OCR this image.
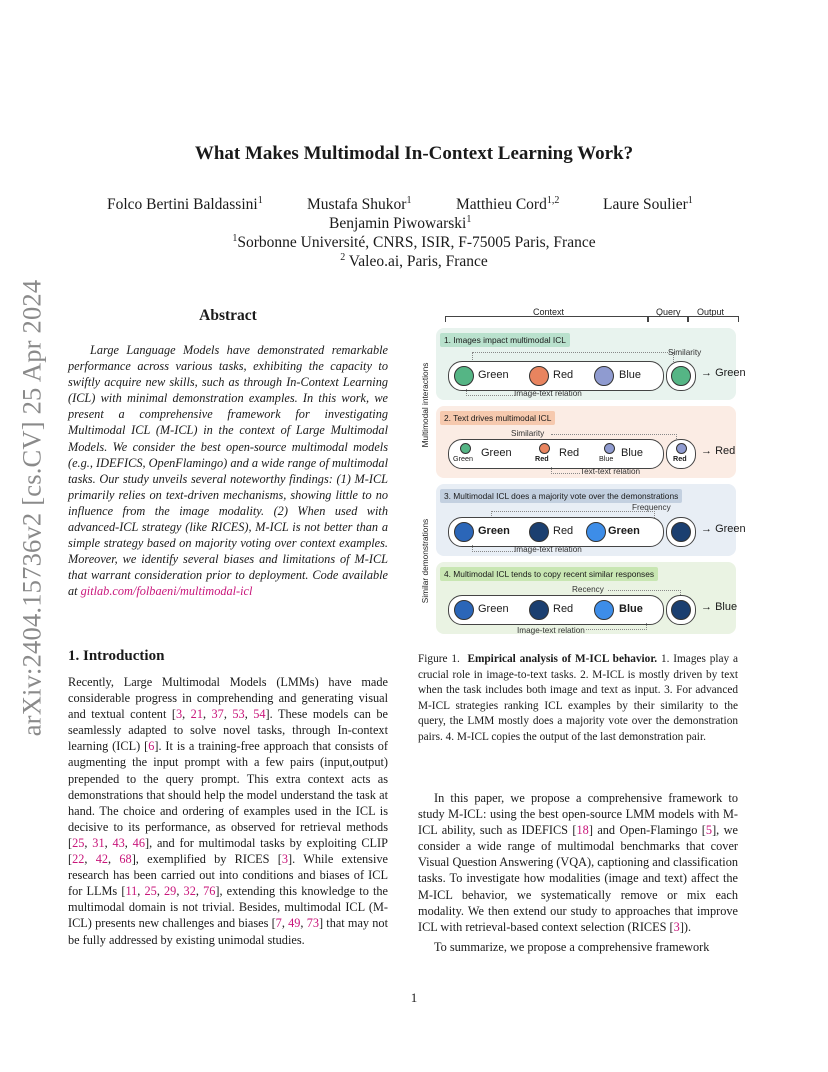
arXiv:2404.15736v2 [cs.CV] 25 Apr 2024
What Makes Multimodal In-Context Learning Work?
Folco Bertini Baldassini$^1$	Mustafa Shukor$^1$	Matthieu Cord$^{1,2}$	Laure Soulier$^1$
Benjamin Piwowarski$^1$
$^1$Sorbonne Université, CNRS, ISIR, F-75005 Paris, France
$^2$ Valeo.ai, Paris, France
Abstract
Large Language Models have demonstrated remarkable performance across various tasks, exhibiting the capacity to swiftly acquire new skills, such as through In-Context Learning (ICL) with minimal demonstration examples. In this work, we present a comprehensive framework for investigating Multimodal ICL (M-ICL) in the context of Large Multimodal Models. We consider the best open-source multimodal models (e.g., IDEFICS, OpenFlamingo) and a wide range of multimodal tasks. Our study unveils several noteworthy findings: (1) M-ICL primarily relies on text-driven mechanisms, showing little to no influence from the image modality. (2) When used with advanced-ICL strategy (like RICES), M-ICL is not better than a simple strategy based on majority voting over context examples. Moreover, we identify several biases and limitations of M-ICL that warrant consideration prior to deployment. Code available at gitlab.com/folbaeni/multimodal-icl
1. Introduction
Recently, Large Multimodal Models (LMMs) have made considerable progress in comprehending and generating visual and textual content [3, 21, 37, 53, 54]. These models can be seamlessly adapted to solve novel tasks, through In-context learning (ICL) [6]. It is a training-free approach that consists of augmenting the input prompt with a few pairs (input,output) prepended to the query prompt. This extra context acts as demonstrations that should help the model understand the task at hand. The choice and ordering of examples used in the ICL is decisive to its performance, as observed for retrieval methods [25, 31, 43, 46], and for multimodal tasks by exploiting CLIP [22, 42, 68], exemplified by RICES [3]. While extensive research has been carried out into conditions and biases of ICL for LLMs [11, 25, 29, 32, 76], extending this knowledge to the multimodal domain is not trivial. Besides, multimodal ICL (M-ICL) presents new challenges and biases [7, 49, 73] that may not be fully addressed by existing unimodal studies.
Context	Query Output
Multimodal interactions
Similar demonstrations
1. Images impact multimodal ICL
Similarity
Green	Red	Blue	→ Green
Image-text relation
2. Text drives multimodal ICL
Similarity
Green Green	Red Red	Blue Blue	Red
→ Red
Text-text relation
3. Multimodal ICL does a majority vote over the demonstrations
Frequency
Green	Red	Green	→ Green
Image-text relation
4. Multimodal ICL tends to copy recent similar responses
Recency
Green	Red	Blue	→ Blue
Image-text relation
Figure 1. Empirical analysis of M-ICL behavior. 1. Images play a crucial role in image-to-text tasks. 2. M-ICL is mostly driven by text when the task includes both image and text as input. 3. For advanced M-ICL strategies ranking ICL examples by their similarity to the query, the LMM mostly does a majority vote over the demonstration pairs. 4. M-ICL copies the output of the last demonstration pair.

In this paper, we propose a comprehensive framework to study M-ICL: using the best open-source LMM models with M-ICL ability, such as IDEFICS [18] and Open-Flamingo [5], we consider a wide range of multimodal benchmarks that cover Visual Question Answering (VQA), captioning and classification tasks. To investigate how modalities (image and text) affect the M-ICL behavior, we systematically remove or mix each modality. We then extend our study to approaches that improve ICL with retrieval-based context selection (RICES [3]).

To summarize, we propose a comprehensive framework

1
